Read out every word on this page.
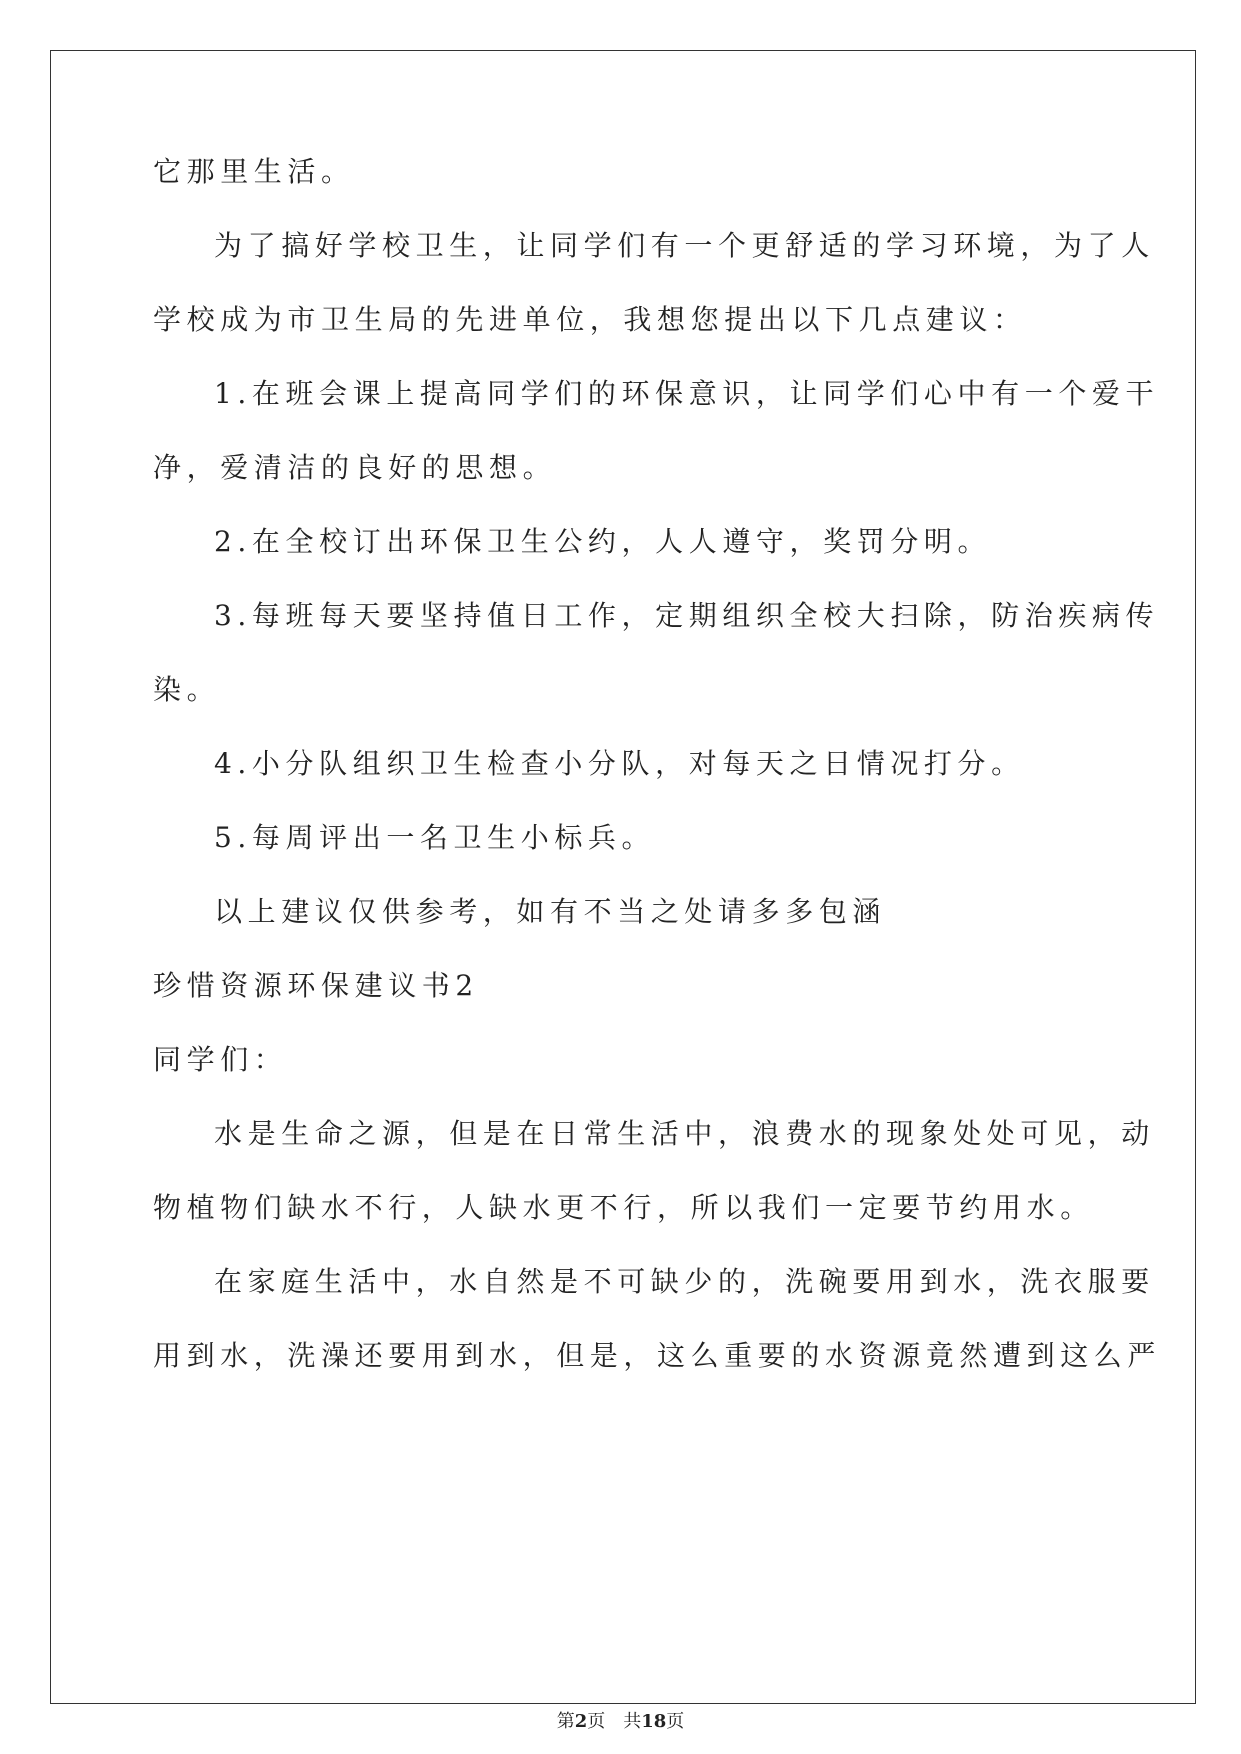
它那里生活。
为了搞好学校卫生，让同学们有一个更舒适的学习环境，为了人
学校成为市卫生局的先进单位，我想您提出以下几点建议：
1.在班会课上提高同学们的环保意识，让同学们心中有一个爱干
净，爱清洁的良好的思想。
2.在全校订出环保卫生公约，人人遵守，奖罚分明。
3.每班每天要坚持值日工作，定期组织全校大扫除，防治疾病传
染。
4.小分队组织卫生检查小分队，对每天之日情况打分。
5.每周评出一名卫生小标兵。
以上建议仅供参考，如有不当之处请多多包涵
珍惜资源环保建议书2
同学们：
水是生命之源，但是在日常生活中，浪费水的现象处处可见，动
物植物们缺水不行，人缺水更不行，所以我们一定要节约用水。
在家庭生活中，水自然是不可缺少的，洗碗要用到水，洗衣服要
用到水，洗澡还要用到水，但是，这么重要的水资源竟然遭到这么严
第2页　共18页
